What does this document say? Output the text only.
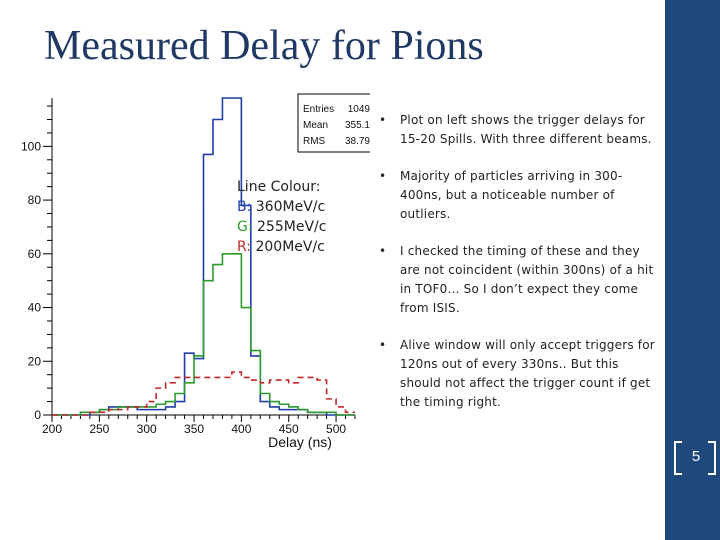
Measured Delay for Pions
0
20
40
60
80
100
200 250 300 350 400 450 500
Entries 1049
Mean 355.1
RMS 38.79
Delay (ns)
Line Colour:
B: 360MeV/c
G: 255MeV/c
R: 200MeV/c
• Plot on left shows the trigger delays for 15-20 Spills. With three different beams.
• Majority of particles arriving in 300-400ns, but a noticeable number of outliers.
• I checked the timing of these and they are not coincident (within 300ns) of a hit in TOF0… So I don’t expect they come from ISIS.
• Alive window will only accept triggers for 120ns out of every 330ns.. But this should not affect the trigger count if get the timing right.
5
